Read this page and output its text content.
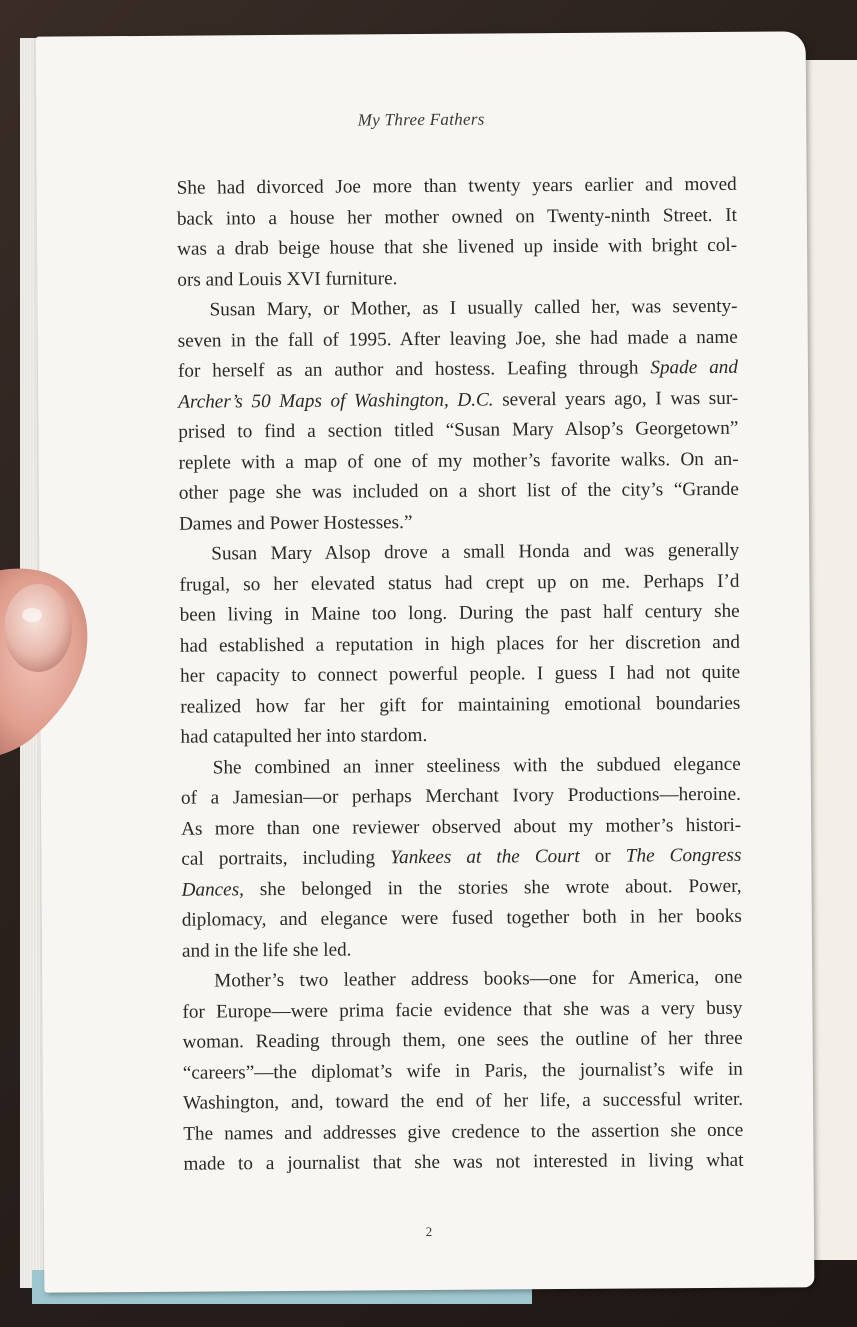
My Three Fathers
She had divorced Joe more than twenty years earlier and moved
back into a house her mother owned on Twenty-ninth Street. It
was a drab beige house that she livened up inside with bright col-
ors and Louis XVI furniture.
Susan Mary, or Mother, as I usually called her, was seventy-
seven in the fall of 1995. After leaving Joe, she had made a name
for herself as an author and hostess. Leafing through Spade and
Archer’s 50 Maps of Washington, D.C. several years ago, I was sur-
prised to find a section titled “Susan Mary Alsop’s Georgetown”
replete with a map of one of my mother’s favorite walks. On an-
other page she was included on a short list of the city’s “Grande
Dames and Power Hostesses.”
Susan Mary Alsop drove a small Honda and was generally
frugal, so her elevated status had crept up on me. Perhaps I’d
been living in Maine too long. During the past half century she
had established a reputation in high places for her discretion and
her capacity to connect powerful people. I guess I had not quite
realized how far her gift for maintaining emotional boundaries
had catapulted her into stardom.
She combined an inner steeliness with the subdued elegance
of a Jamesian—or perhaps Merchant Ivory Productions—heroine.
As more than one reviewer observed about my mother’s histori-
cal portraits, including Yankees at the Court or The Congress
Dances, she belonged in the stories she wrote about. Power,
diplomacy, and elegance were fused together both in her books
and in the life she led.
Mother’s two leather address books—one for America, one
for Europe—were prima facie evidence that she was a very busy
woman. Reading through them, one sees the outline of her three
“careers”—the diplomat’s wife in Paris, the journalist’s wife in
Washington, and, toward the end of her life, a successful writer.
The names and addresses give credence to the assertion she once
made to a journalist that she was not interested in living what
2
